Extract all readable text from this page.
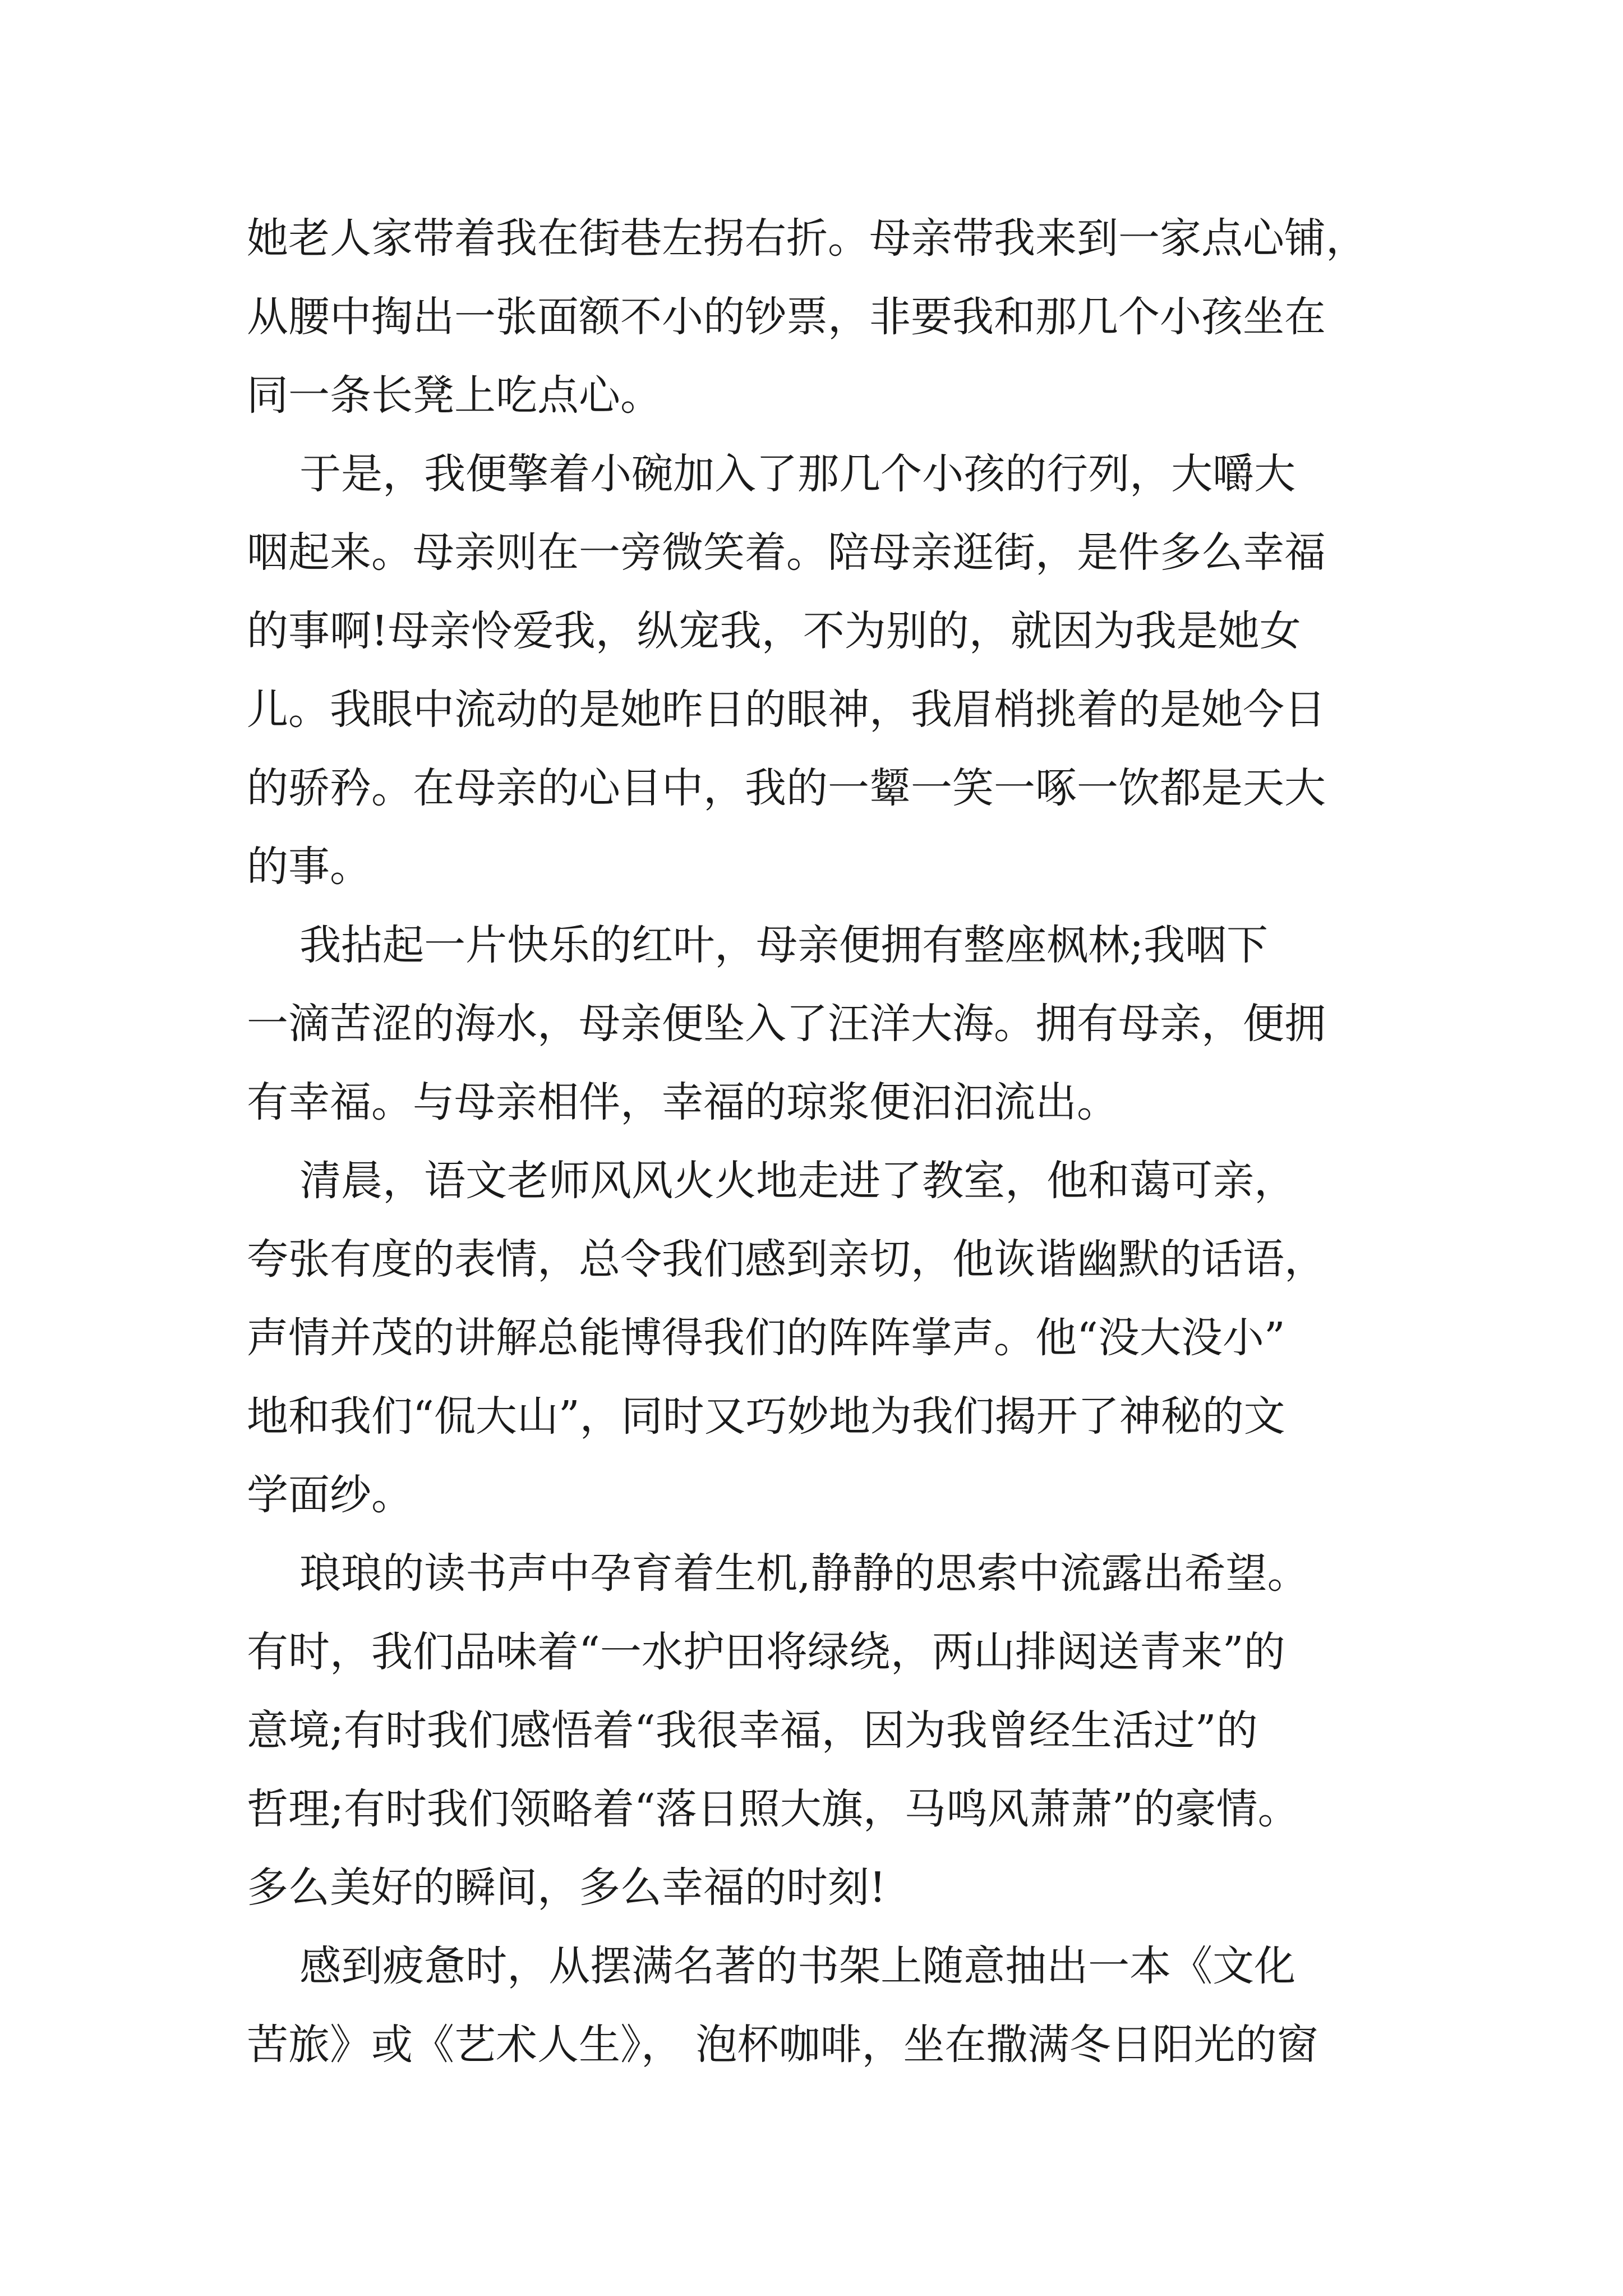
她老人家带着我在街巷左拐右折。母亲带我来到一家点心铺，
从腰中掏出一张面额不小的钞票，非要我和那几个小孩坐在
同一条长凳上吃点心。
于是，我便擎着小碗加入了那几个小孩的行列，大嚼大
咽起来。母亲则在一旁微笑着。陪母亲逛街，是件多么幸福
的事啊!母亲怜爱我，纵宠我，不为别的，就因为我是她女
儿。我眼中流动的是她昨日的眼神，我眉梢挑着的是她今日
的骄矜。在母亲的心目中，我的一颦一笑一啄一饮都是天大
的事。
我拈起一片快乐的红叶，母亲便拥有整座枫林;我咽下
一滴苦涩的海水，母亲便坠入了汪洋大海。拥有母亲，便拥
有幸福。与母亲相伴，幸福的琼浆便汩汩流出。
清晨，语文老师风风火火地走进了教室，他和蔼可亲，
夸张有度的表情，总令我们感到亲切，他诙谐幽默的话语，
声情并茂的讲解总能博得我们的阵阵掌声。他“没大没小”
地和我们“侃大山”，同时又巧妙地为我们揭开了神秘的文
学面纱。
琅琅的读书声中孕育着生机,静静的思索中流露出希望。
有时，我们品味着“一水护田将绿绕，两山排闼送青来”的
意境;有时我们感悟着“我很幸福，因为我曾经生活过”的
哲理;有时我们领略着“落日照大旗，马鸣风萧萧”的豪情。
多么美好的瞬间，多么幸福的时刻!
感到疲惫时，从摆满名著的书架上随意抽出一本《文化
苦旅》或《艺术人生》， 泡杯咖啡，坐在撒满冬日阳光的窗
